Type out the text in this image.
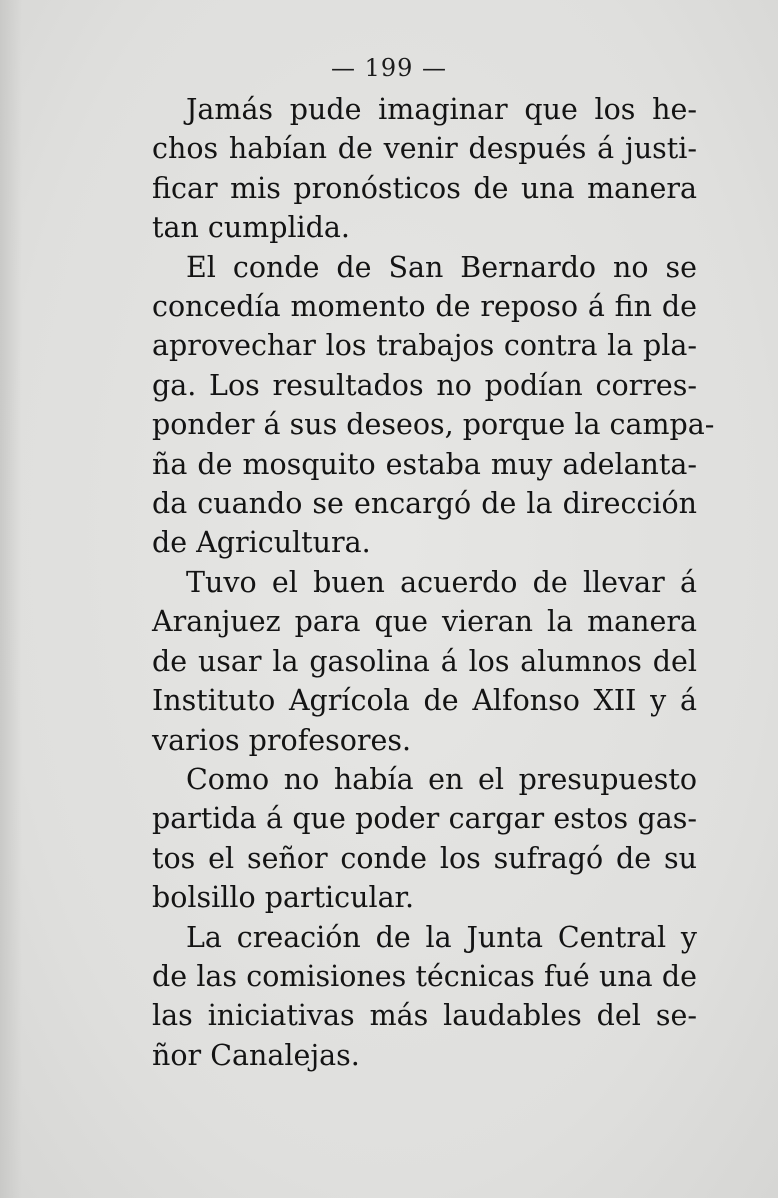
— 199 —

Jamás pude imaginar que los he-
chos habían de venir después á justi-
ficar mis pronósticos de una manera
tan cumplida.

El conde de San Bernardo no se
concedía momento de reposo á fin de
aprovechar los trabajos contra la pla-
ga. Los resultados no podían corres-
ponder á sus deseos, porque la campa-
ña de mosquito estaba muy adelanta-
da cuando se encargó de la dirección
de Agricultura.

Tuvo el buen acuerdo de llevar á
Aranjuez para que vieran la manera
de usar la gasolina á los alumnos del
Instituto Agrícola de Alfonso XII y á
varios profesores.

Como no había en el presupuesto
partida á que poder cargar estos gas-
tos el señor conde los sufragó de su
bolsillo particular.

La creación de la Junta Central y
de las comisiones técnicas fué una de
las iniciativas más laudables del se-
ñor Canalejas.
